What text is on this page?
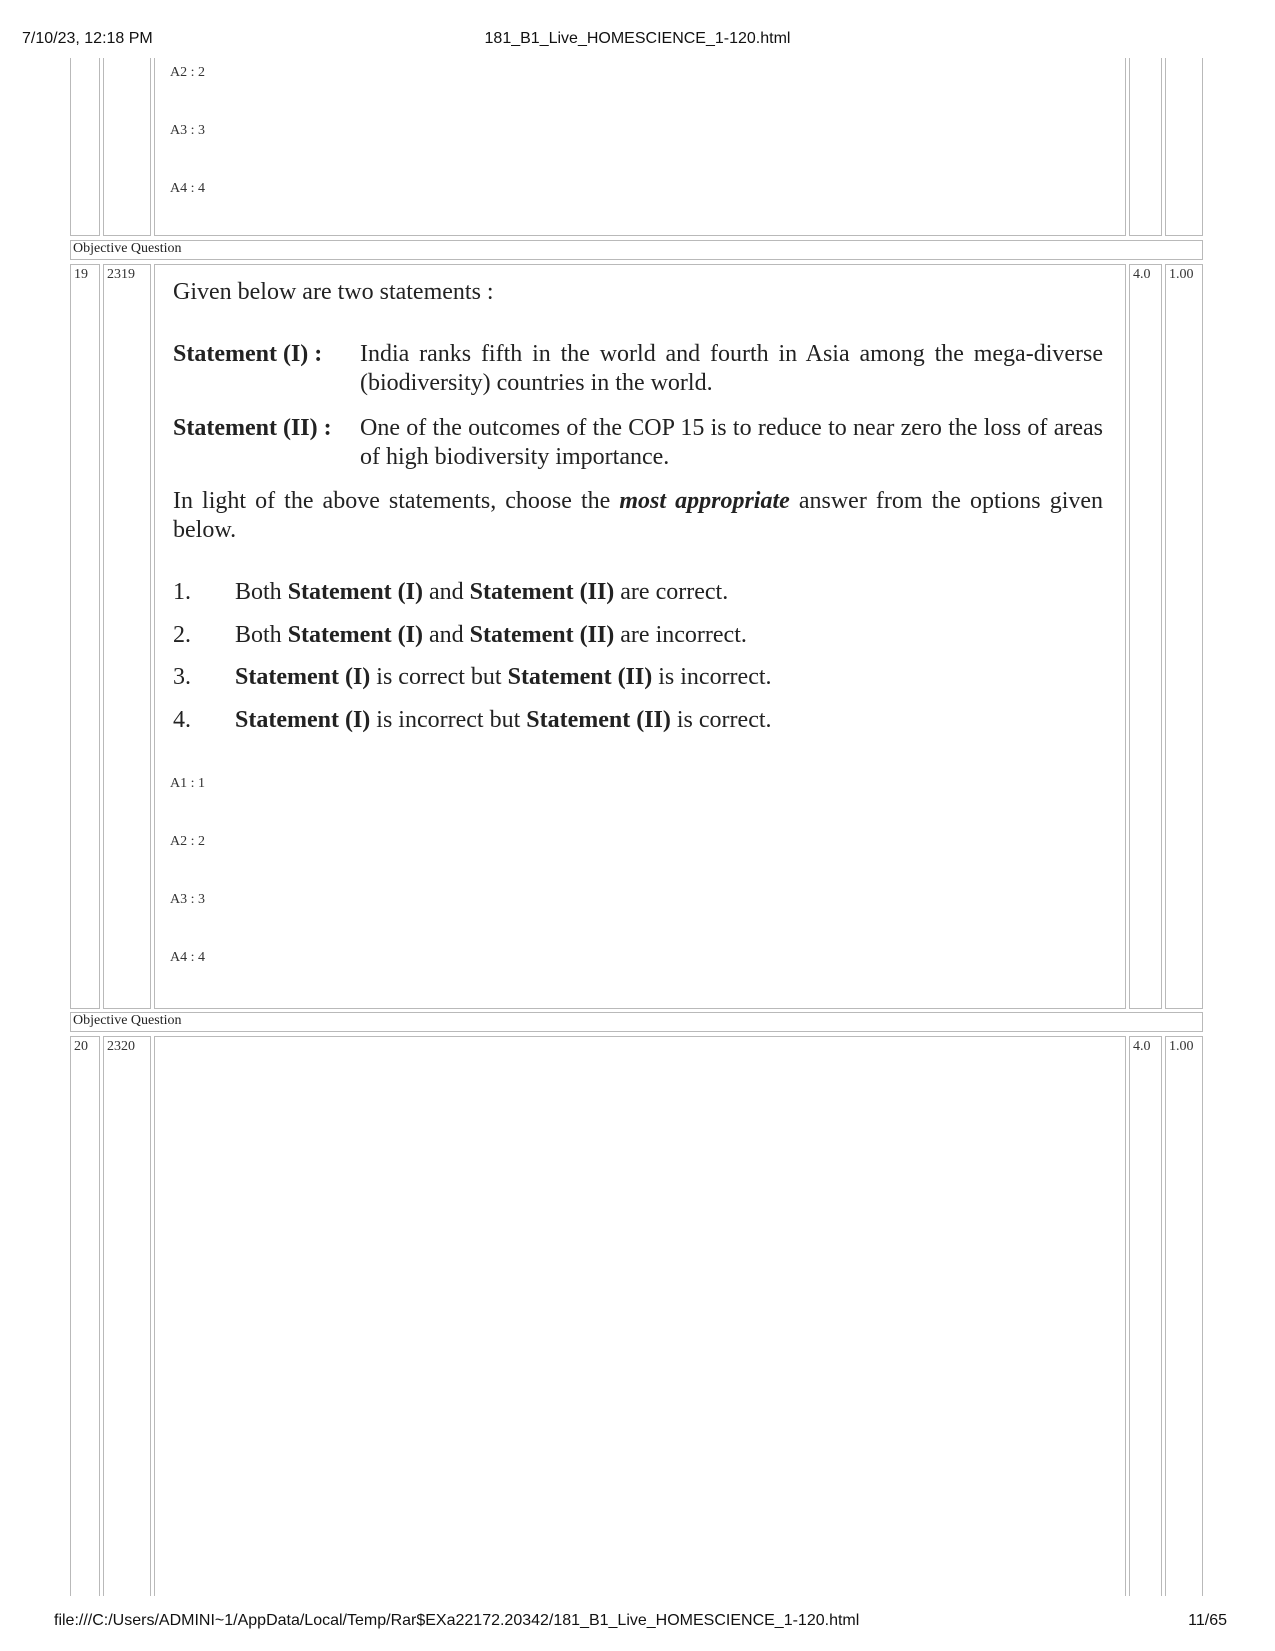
7/10/23, 12:18 PM	181_B1_Live_HOMESCIENCE_1-120.html
A2 : 2
A3 : 3
A4 : 4
Objective Question
19	2319	4.0	1.00
Given below are two statements :
Statement (I) : India ranks fifth in the world and fourth in Asia among the mega-diverse (biodiversity) countries in the world.
Statement (II) : One of the outcomes of the COP 15 is to reduce to near zero the loss of areas of high biodiversity importance.
In light of the above statements, choose the most appropriate answer from the options given below.
1. Both Statement (I) and Statement (II) are correct.
2. Both Statement (I) and Statement (II) are incorrect.
3. Statement (I) is correct but Statement (II) is incorrect.
4. Statement (I) is incorrect but Statement (II) is correct.
A1 : 1
A2 : 2
A3 : 3
A4 : 4
Objective Question
20	2320	4.0	1.00
file:///C:/Users/ADMINI~1/AppData/Local/Temp/Rar$EXa22172.20342/181_B1_Live_HOMESCIENCE_1-120.html	11/65
